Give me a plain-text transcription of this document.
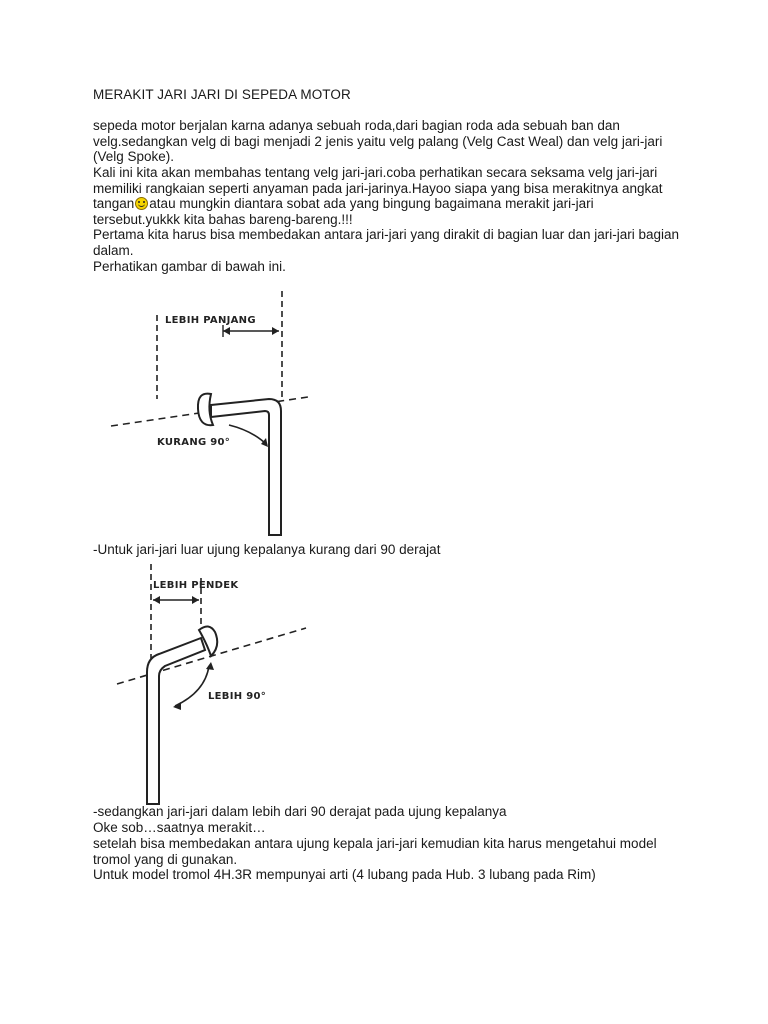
MERAKIT JARI JARI DI SEPEDA MOTOR

sepeda motor berjalan karna adanya sebuah roda,dari bagian roda ada sebuah ban dan velg.sedangkan velg di bagi menjadi 2 jenis yaitu velg palang (Velg Cast Weal) dan velg jari-jari (Velg Spoke).

Kali ini kita akan membahas tentang velg jari-jari.coba perhatikan secara seksama velg jari-jari memiliki rangkaian seperti anyaman pada jari-jarinya.Hayoo siapa yang bisa merakitnya angkat tangan atau mungkin diantara sobat ada yang bingung bagaimana merakit jari-jari tersebut.yukkk kita bahas bareng-bareng.!!!

Pertama kita harus bisa membedakan antara jari-jari yang dirakit di bagian luar dan jari-jari bagian dalam.

Perhatikan gambar di bawah ini.

LEBIH PANJANG
KURANG 90°

-Untuk jari-jari luar ujung kepalanya kurang dari 90 derajat

LEBIH PENDEK
LEBIH 90°

-sedangkan jari-jari dalam lebih dari 90 derajat pada ujung kepalanya

Oke sob…saatnya merakit…

setelah bisa membedakan antara ujung kepala jari-jari kemudian kita harus mengetahui model tromol yang di gunakan.

Untuk model tromol 4H.3R mempunyai arti (4 lubang pada Hub. 3 lubang pada Rim)
